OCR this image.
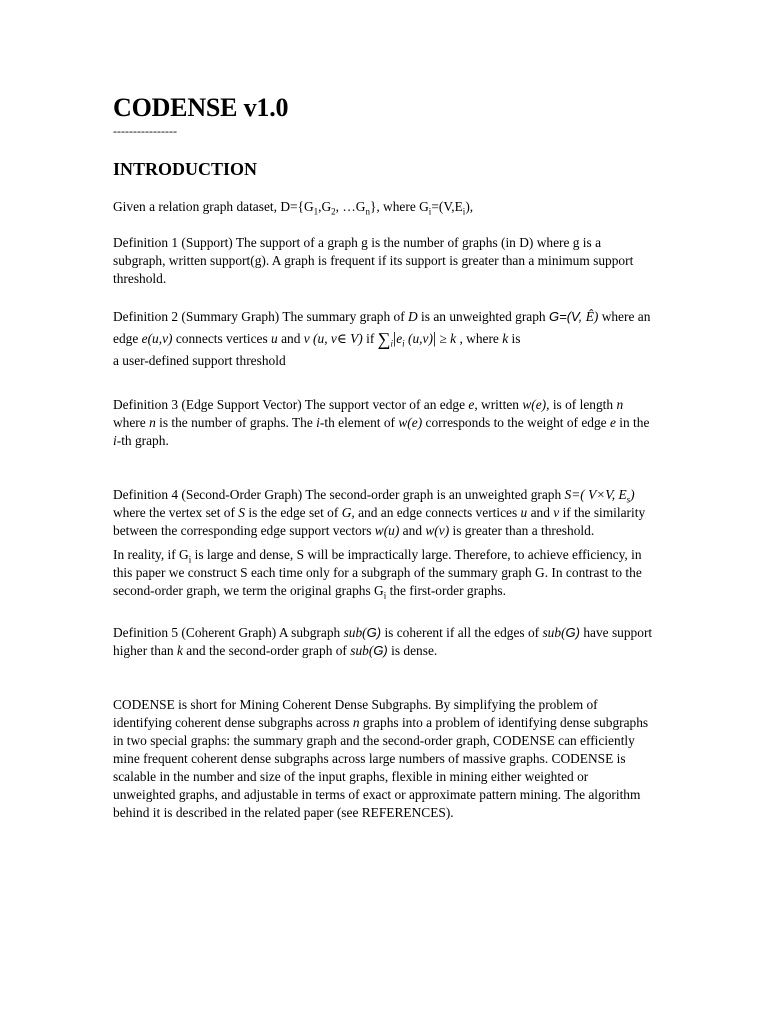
CODENSE v1.0
----------------
INTRODUCTION

Given a relation graph dataset, $D=\{G_1,G_2$, $\dots G_n$}, where $G_i=(V,E_i)$,

Definition 1 (Support) The support of a graph g is the number of graphs (in D) where g is a subgraph, written support(g). A graph is frequent if its support is greater than a minimum support threshold.

Definition 2 (Summary Graph) The summary graph of D is an unweighted graph G=(V, Ê) where an edge e(u,v) connects vertices u and v (u, v∈ V) if $\sum_i|e_i$ (u,v)| ≥ k , where k is

a user-defined support threshold

Definition 3 (Edge Support Vector) The support vector of an edge e, written w(e), is of length n where n is the number of graphs. The i-th element of w(e) corresponds to the weight of edge e in the i-th graph.

Definition 4 (Second-Order Graph) The second-order graph is an unweighted graph S=( V×V, $E_s$) where the vertex set of S is the edge set of G, and an edge connects vertices u and v if the similarity between the corresponding edge support vectors w(u) and w(v) is greater than a threshold.

In reality, if $G_i$ is large and dense, S will be impractically large. Therefore, to achieve efficiency, in this paper we construct S each time only for a subgraph of the summary graph G. In contrast to the second-order graph, we term the original graphs $G_i$ the first-order graphs.

Definition 5 (Coherent Graph) A subgraph sub(G) is coherent if all the edges of sub(G) have support higher than k and the second-order graph of sub(G) is dense.

CODENSE is short for Mining Coherent Dense Subgraphs. By simplifying the problem of identifying coherent dense subgraphs across n graphs into a problem of identifying dense subgraphs in two special graphs: the summary graph and the second-order graph, CODENSE can efficiently mine frequent coherent dense subgraphs across large numbers of massive graphs. CODENSE is scalable in the number and size of the input graphs, flexible in mining either weighted or unweighted graphs, and adjustable in terms of exact or approximate pattern mining. The algorithm behind it is described in the related paper (see REFERENCES).
